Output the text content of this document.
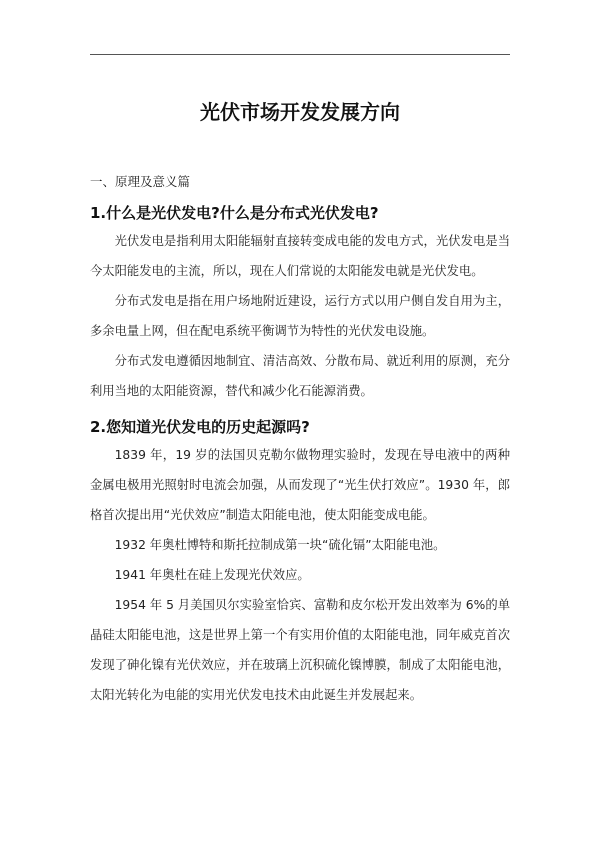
光伏市场开发发展方向
一、原理及意义篇
1.什么是光伏发电?什么是分布式光伏发电?

光伏发电是指利用太阳能辐射直接转变成电能的发电方式，光伏发电是当今太阳能发电的主流，所以，现在人们常说的太阳能发电就是光伏发电。

分布式发电是指在用户场地附近建设，运行方式以用户侧自发自用为主，多余电量上网，但在配电系统平衡调节为特性的光伏发电设施。

分布式发电遵循因地制宜、清洁高效、分散布局、就近利用的原测，充分利用当地的太阳能资源，替代和减少化石能源消费。

2.您知道光伏发电的历史起源吗?

1839 年，19 岁的法国贝克勒尔做物理实验时，发现在导电液中的两种金属电极用光照射时电流会加强，从而发现了“光生伏打效应”。1930 年，郎格首次提出用“光伏效应”制造太阳能电池，使太阳能变成电能。

1932 年奥杜博特和斯托拉制成第一块“硫化镉”太阳能电池。

1941 年奥杜在硅上发现光伏效应。

1954 年 5 月美国贝尔实验室恰宾、富勒和皮尔松开发出效率为 6%的单晶硅太阳能电池，这是世界上第一个有实用价值的太阳能电池，同年威克首次发现了砷化镍有光伏效应，并在玻璃上沉积硫化镍博膜，制成了太阳能电池，太阳光转化为电能的实用光伏发电技术由此诞生并发展起来。
